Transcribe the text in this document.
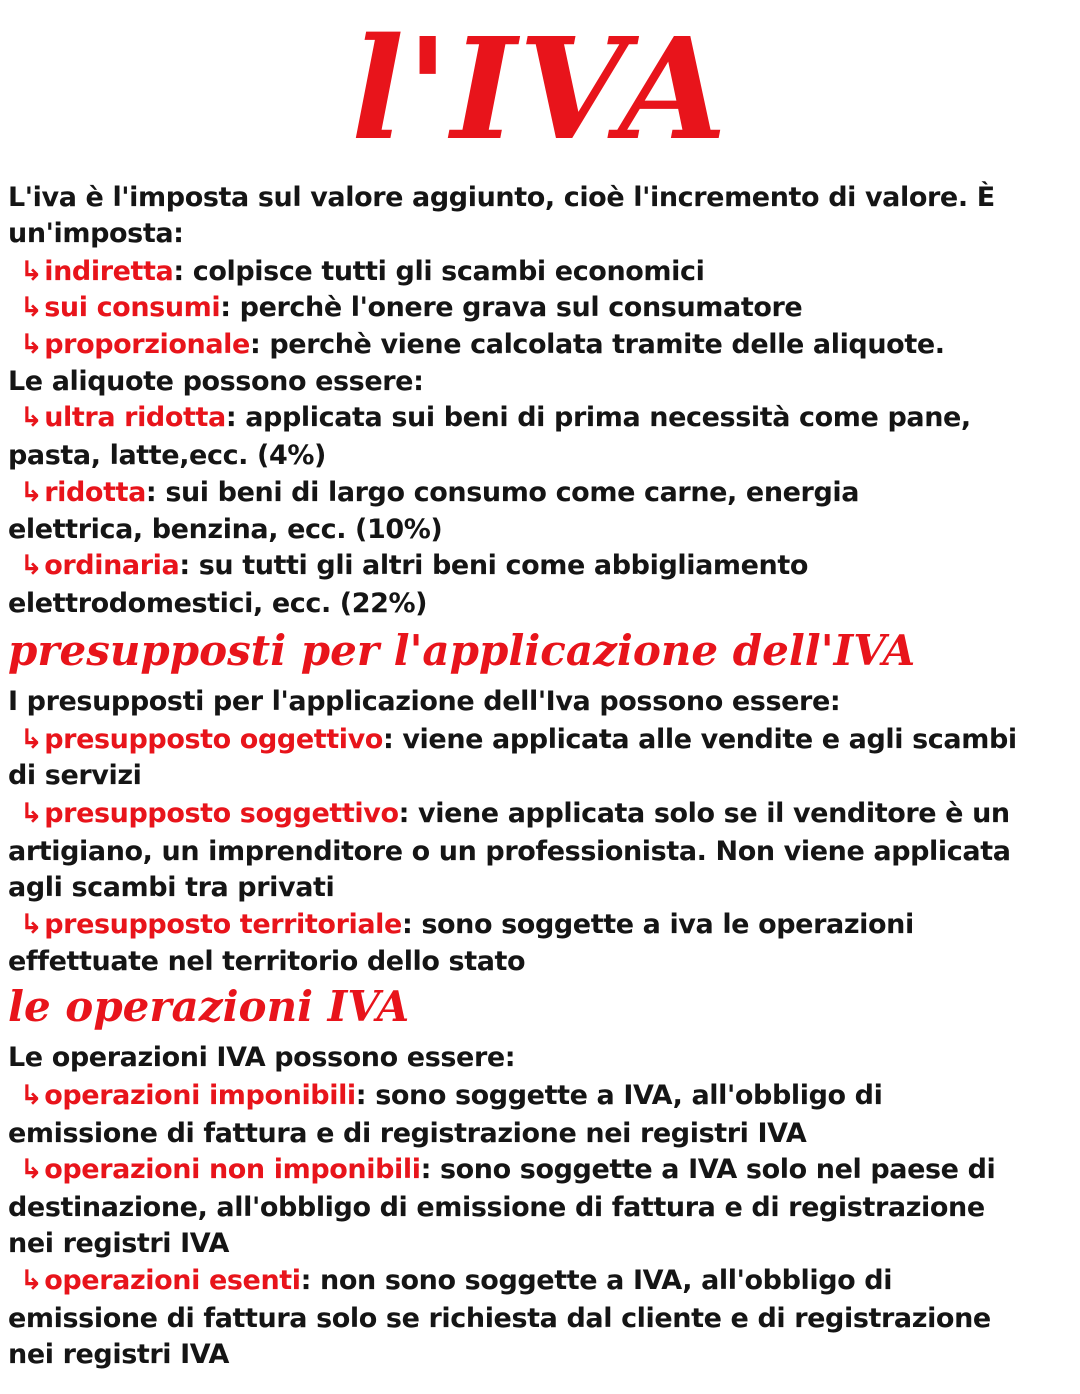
l'IVA
L'iva è l'imposta sul valore aggiunto, cioè l'incremento di valore. È
un'imposta:
↳indiretta: colpisce tutti gli scambi economici
↳sui consumi: perchè l'onere grava sul consumatore
↳proporzionale: perchè viene calcolata tramite delle aliquote.
Le aliquote possono essere:
↳ultra ridotta: applicata sui beni di prima necessità come pane,
pasta, latte,ecc. (4%)
↳ridotta: sui beni di largo consumo come carne, energia
elettrica, benzina, ecc. (10%)
↳ordinaria: su tutti gli altri beni come abbigliamento
elettrodomestici, ecc. (22%)
presupposti per l'applicazione dell'IVA
I presupposti per l'applicazione dell'Iva possono essere:
↳presupposto oggettivo: viene applicata alle vendite e agli scambi
di servizi
↳presupposto soggettivo: viene applicata solo se il venditore è un
artigiano, un imprenditore o un professionista. Non viene applicata
agli scambi tra privati
↳presupposto territoriale: sono soggette a iva le operazioni
effettuate nel territorio dello stato
le operazioni IVA
Le operazioni IVA possono essere:
↳operazioni imponibili: sono soggette a IVA, all'obbligo di
emissione di fattura e di registrazione nei registri IVA
↳operazioni non imponibili: sono soggette a IVA solo nel paese di
destinazione, all'obbligo di emissione di fattura e di registrazione
nei registri IVA
↳operazioni esenti: non sono soggette a IVA, all'obbligo di
emissione di fattura solo se richiesta dal cliente e di registrazione
nei registri IVA
